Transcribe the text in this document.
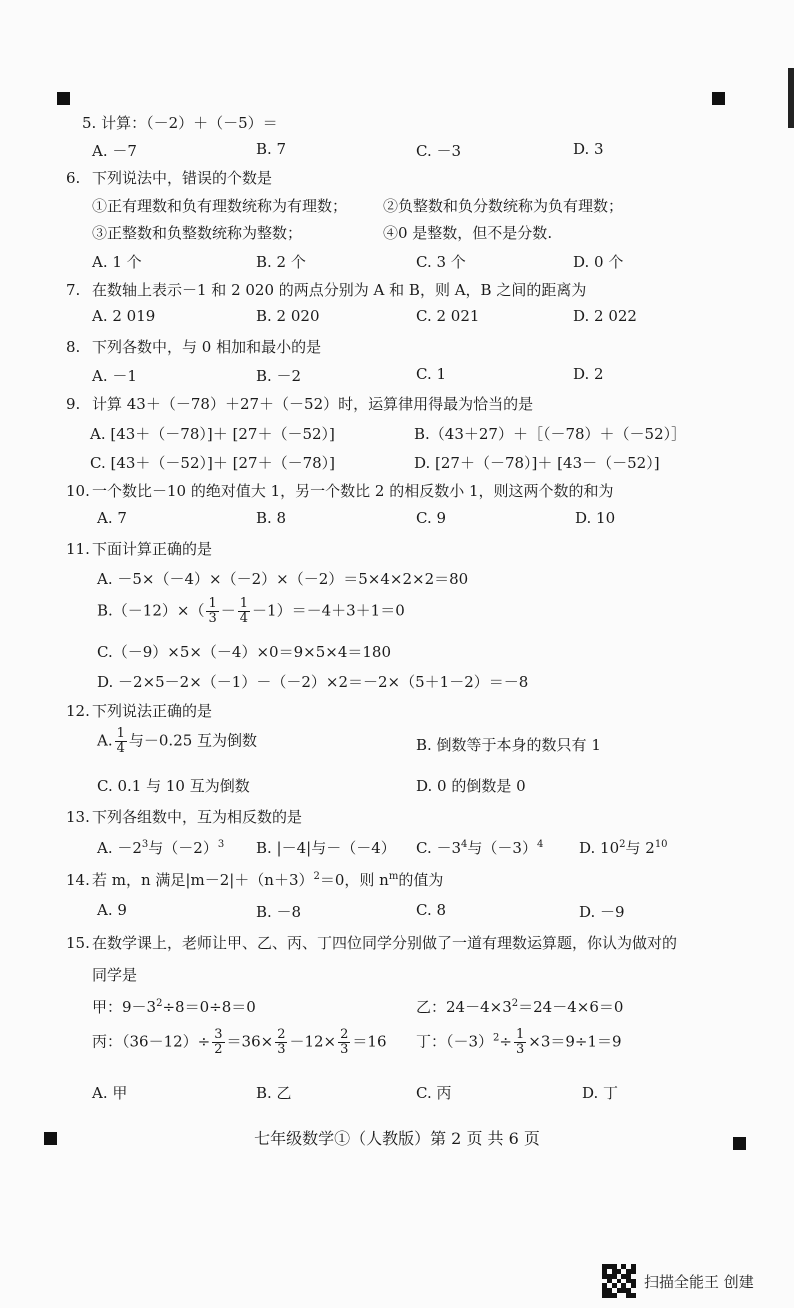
5. 计算：（－2）＋（－5）＝
A. －7	B. 7	C. －3	D. 3
6. 下列说法中，错误的个数是
①正有理数和负有理数统称为有理数； ②负整数和负分数统称为负有理数；
③正整数和负整数统称为整数；	④0 是整数，但不是分数.
A. 1 个	B. 2 个	C. 3 个	D. 0 个
7. 在数轴上表示－1 和 2 020 的两点分别为 A 和 B，则 A，B 之间的距离为
A. 2 019	B. 2 020	C. 2 021	D. 2 022
8. 下列各数中，与 0 相加和最小的是
A. －1	B. －2	C. 1	D. 2
9. 计算 43＋（－78）＋27＋（－52）时，运算律用得最为恰当的是
A. [43＋（－78）]＋ [27＋（－52）]	B.（43＋27）＋［（－78）＋（－52）］
C. [43＋（－52）]＋ [27＋（－78）]	D. [27＋（－78）]＋ [43－（－52）]
10. 一个数比－10 的绝对值大 1，另一个数比 2 的相反数小 1，则这两个数的和为
A. 7	B. 8	C. 9	D. 10
11. 下面计算正确的是
A. －5×（－4）×（－2）×（－2）＝5×4×2×2＝80
$B.(-12)\times( \frac{1}{3} - \frac{1}{4} -1)=-4+3+1=0$
C.（－9）×5×（－4）×0＝9×5×4＝180
D. －2×5－2×（－1）－（－2）×2＝－2×（5＋1－2）＝－8
12. 下列说法正确的是
A. $\frac{1}{4}$ 与－0.25 互为倒数	B. 倒数等于本身的数只有 1
C. 0.1 与 10 互为倒数	D. 0 的倒数是 0
13. 下列各组数中，互为相反数的是
A. $-2^3$与$(-2)^3$ B. |－4|与－（－4） C. $-3^4$与$(-3)^4$ D. $10^2$与 $2^{10}$
14. 若 m，n 满足$|m-2|+(n+3)^2=0$，则 $n^m$的值为
A. 9	B. －8	C. 8	D. －9
15. 在数学课上，老师让甲、乙、丙、丁四位同学分别做了一道有理数运算题，你认为做对的
同学是
甲：$9-3^2\div 8=0\div 8=0$	乙：$24-4\times 3^2=24-4\times 6=0$
丙：$(36-12)\div \frac{3}{2} =36\times \frac{2}{3} -12\times \frac{2}{3} =16$ 丁：$(-3)^2\div \frac{1}{3} \times 3=9\div 1=9$
A. 甲	B. 乙	C. 丙	D. 丁
七年级数学①（人教版）第 2 页 共 6 页
扫描全能王 创建
